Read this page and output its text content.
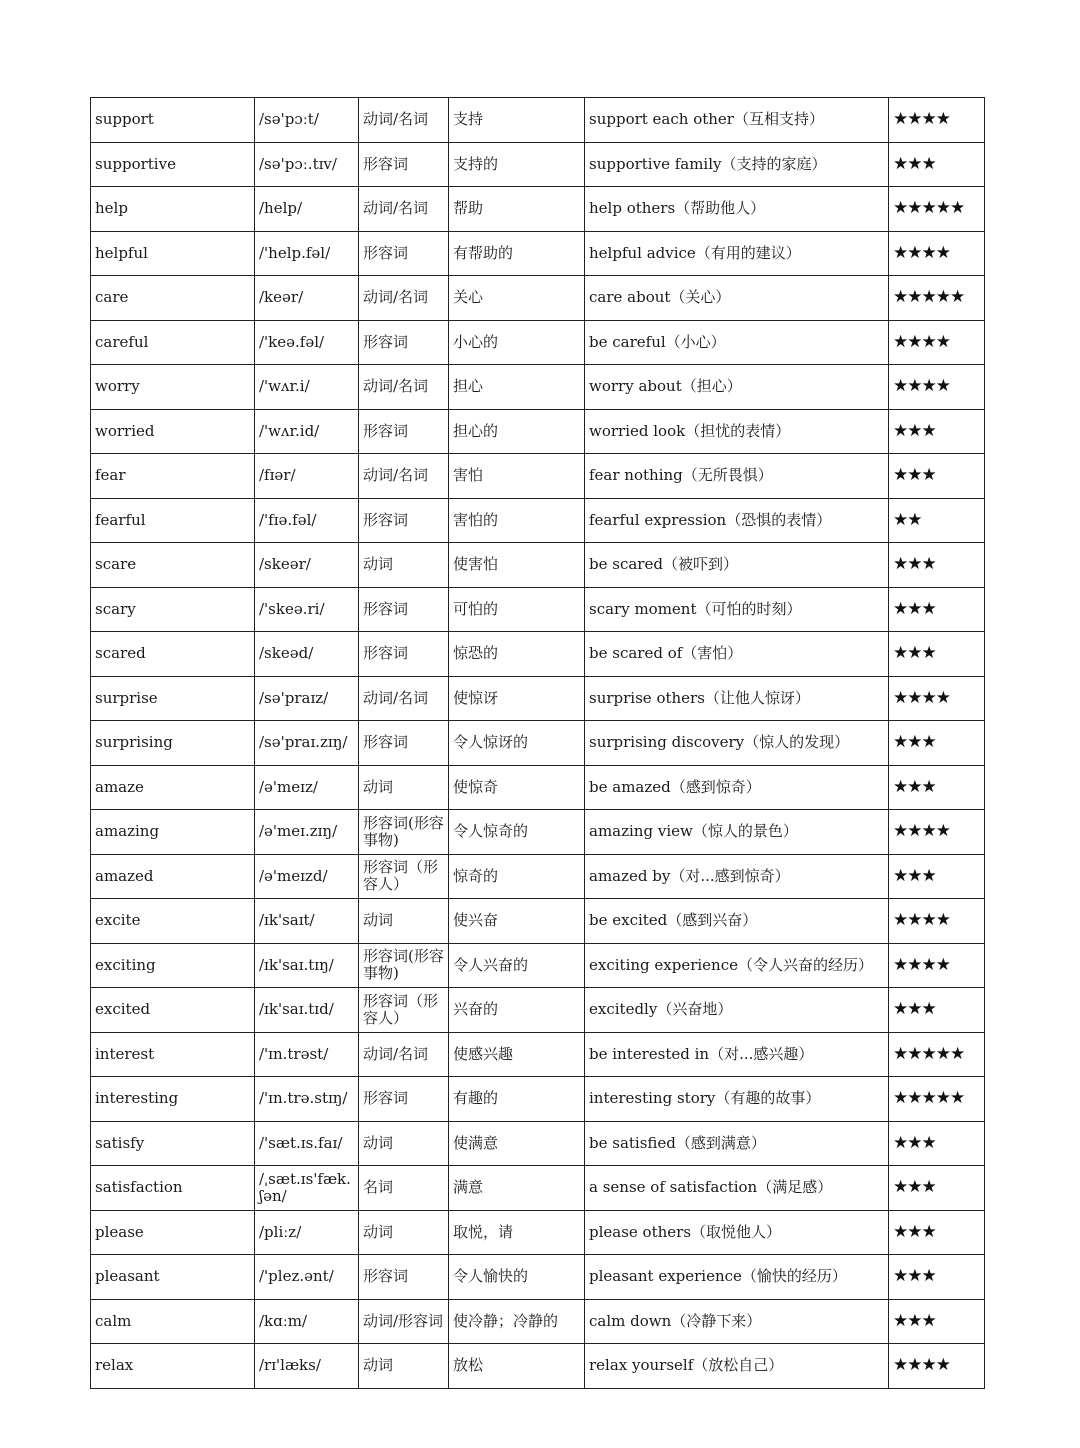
support	/sə'pɔːt/	动词/名词	支持	support each other（互相支持）	★★★★
supportive	/sə'pɔː.tɪv/	形容词	支持的	supportive family（支持的家庭）	★★★
help	/help/	动词/名词	帮助	help others（帮助他人）	★★★★★
helpful	/'help.fəl/	形容词	有帮助的	helpful advice（有用的建议）	★★★★
care	/keər/	动词/名词	关心	care about（关心）	★★★★★
careful	/'keə.fəl/	形容词	小心的	be careful（小心）	★★★★
worry	/'wʌr.i/	动词/名词	担心	worry about（担心）	★★★★
worried	/'wʌr.id/	形容词	担心的	worried look（担忧的表情）	★★★
fear	/fɪər/	动词/名词	害怕	fear nothing（无所畏惧）	★★★
fearful	/'fɪə.fəl/	形容词	害怕的	fearful expression（恐惧的表情）	★★
scare	/skeər/	动词	使害怕	be scared（被吓到）	★★★
scary	/'skeə.ri/	形容词	可怕的	scary moment（可怕的时刻）	★★★
scared	/skeəd/	形容词	惊恐的	be scared of（害怕）	★★★
surprise	/sə'praɪz/	动词/名词	使惊讶	surprise others（让他人惊讶）	★★★★
surprising	/sə'praɪ.zɪŋ/	形容词	令人惊讶的	surprising discovery（惊人的发现）	★★★
amaze	/ə'meɪz/	动词	使惊奇	be amazed（感到惊奇）	★★★
amazing	/ə'meɪ.zɪŋ/	形容词(形容事物)	令人惊奇的	amazing view（惊人的景色）	★★★★
amazed	/ə'meɪzd/	形容词（形容人）	惊奇的	amazed by（对...感到惊奇）	★★★
excite	/ɪk'saɪt/	动词	使兴奋	be excited（感到兴奋）	★★★★
exciting	/ɪk'saɪ.tɪŋ/	形容词(形容事物)	令人兴奋的	exciting experience（令人兴奋的经历）	★★★★
excited	/ɪk'saɪ.tɪd/	形容词（形容人）	兴奋的	excitedly（兴奋地）	★★★
interest	/'ɪn.trəst/	动词/名词	使感兴趣	be interested in（对...感兴趣）	★★★★★
interesting	/'ɪn.trə.stɪŋ/	形容词	有趣的	interesting story（有趣的故事）	★★★★★
satisfy	/'sæt.ɪs.faɪ/	动词	使满意	be satisfied（感到满意）	★★★
satisfaction	/ˌsæt.ɪs'fæk.ʃən/	名词	满意	a sense of satisfaction（满足感）	★★★
please	/pliːz/	动词	取悦，请	please others（取悦他人）	★★★
pleasant	/'plez.ənt/	形容词	令人愉快的	pleasant experience（愉快的经历）	★★★
calm	/kɑːm/	动词/形容词	使冷静；冷静的	calm down（冷静下来）	★★★
relax	/rɪ'læks/	动词	放松	relax yourself（放松自己）	★★★★
